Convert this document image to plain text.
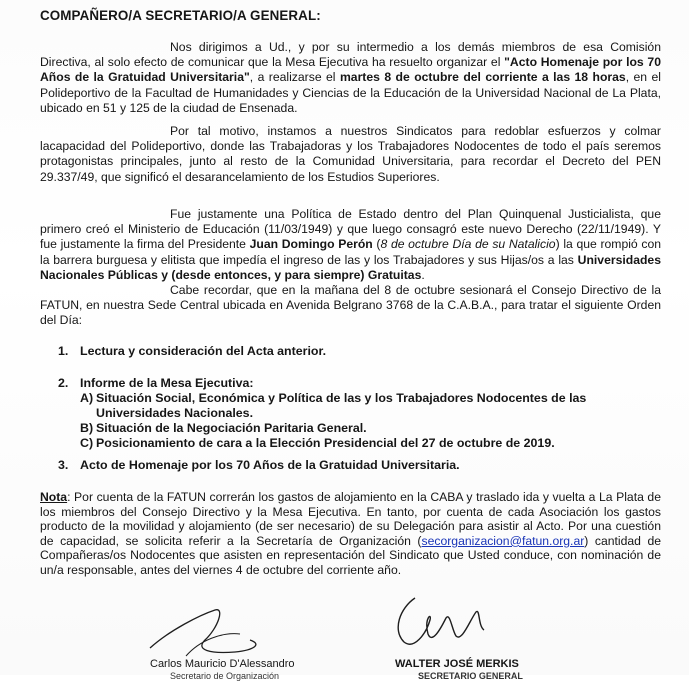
COMPAÑERO/A SECRETARIO/A GENERAL:

Nos dirigimos a Ud., y por su intermedio a los demás miembros de esa Comisión Directiva, al solo efecto de comunicar que la Mesa Ejecutiva ha resuelto organizar el "Acto Homenaje por los 70 Años de la Gratuidad Universitaria", a realizarse el martes 8 de octubre del corriente a las 18 horas, en el Polideportivo de la Facultad de Humanidades y Ciencias de la Educación de la Universidad Nacional de La Plata, ubicado en 51 y 125 de la ciudad de Ensenada.

Por tal motivo, instamos a nuestros Sindicatos para redoblar esfuerzos y colmar lacapacidad del Polideportivo, donde las Trabajadoras y los Trabajadores Nodocentes de todo el país seremos protagonistas principales, junto al resto de la Comunidad Universitaria, para recordar el Decreto del PEN 29.337/49, que significó el desarancelamiento de los Estudios Superiores.

Fue justamente una Política de Estado dentro del Plan Quinquenal Justicialista, que primero creó el Ministerio de Educación (11/03/1949) y que luego consagró este nuevo Derecho (22/11/1949). Y fue justamente la firma del Presidente Juan Domingo Perón (8 de octubre Día de su Natalicio) la que rompió con la barrera burguesa y elitista que impedía el ingreso de las y los Trabajadores y sus Hijas/os a las Universidades Nacionales Públicas y (desde entonces, y para siempre) Gratuitas.

Cabe recordar, que en la mañana del 8 de octubre sesionará el Consejo Directivo de la FATUN, en nuestra Sede Central ubicada en Avenida Belgrano 3768 de la C.A.B.A., para tratar el siguiente Orden del Día:

1. Lectura y consideración del Acta anterior.
2. Informe de la Mesa Ejecutiva:
A) Situación Social, Económica y Política de las y los Trabajadores Nodocentes de las
Universidades Nacionales.
B) Situación de la Negociación Paritaria General.
C) Posicionamiento de cara a la Elección Presidencial del 27 de octubre de 2019.
3. Acto de Homenaje por los 70 Años de la Gratuidad Universitaria.

Nota: Por cuenta de la FATUN correrán los gastos de alojamiento en la CABA y traslado ida y vuelta a La Plata de los miembros del Consejo Directivo y la Mesa Ejecutiva. En tanto, por cuenta de cada Asociación los gastos producto de la movilidad y alojamiento (de ser necesario) de su Delegación para asistir al Acto. Por una cuestión de capacidad, se solicita referir a la Secretaría de Organización (secorganizacion@fatun.org.ar) cantidad de Compañeras/os Nodocentes que asisten en representación del Sindicato que Usted conduce, con nominación de un/a responsable, antes del viernes 4 de octubre del corriente año.

Carlos Mauricio D'Alessandro
Secretario de Organización
WALTER JOSÉ MERKIS
SECRETARIO GENERAL
